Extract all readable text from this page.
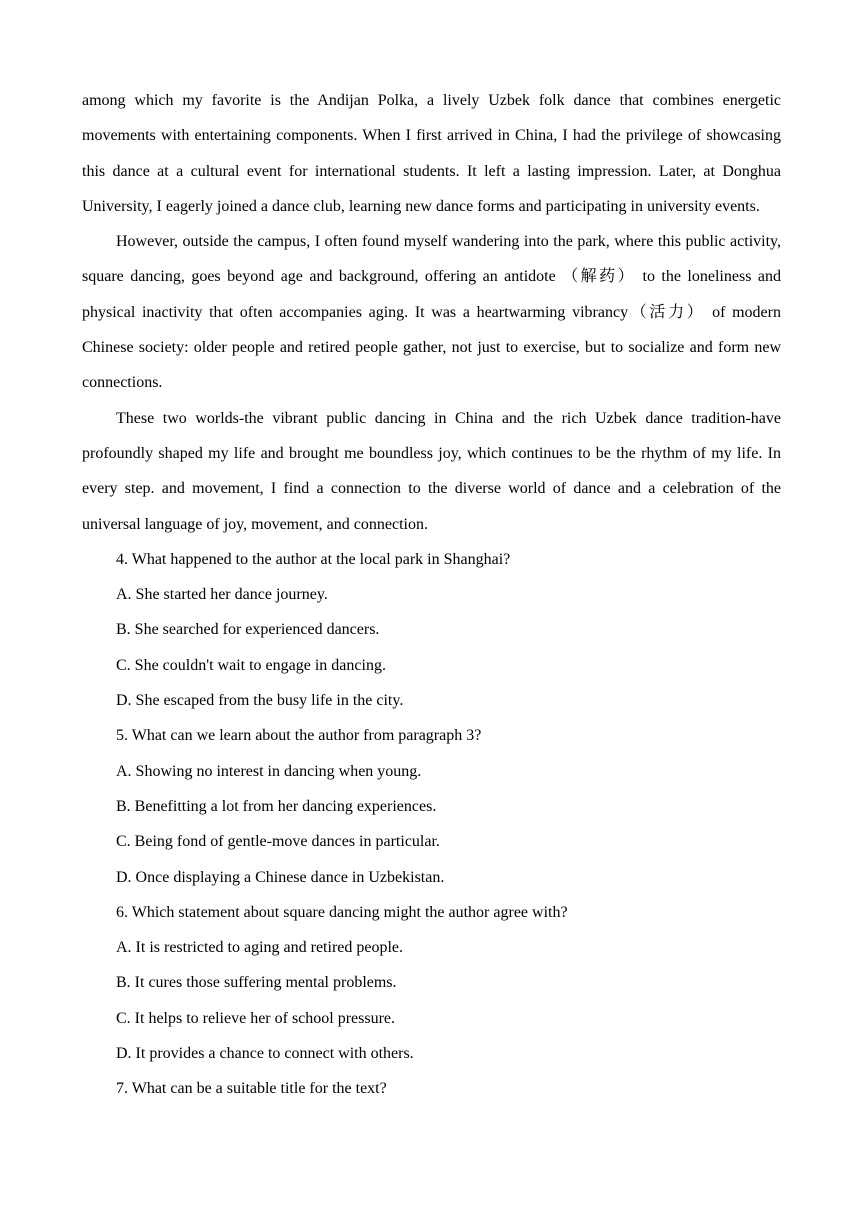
among which my favorite is the Andijan Polka, a lively Uzbek folk dance that combines energetic movements with entertaining components. When I first arrived in China, I had the privilege of showcasing this dance at a cultural event for international students. It left a lasting impression. Later, at Donghua University, I eagerly joined a dance club, learning new dance forms and participating in university events.

However, outside the campus, I often found myself wandering into the park, where this public activity, square dancing, goes beyond age and background, offering an antidote （解药） to the loneliness and physical inactivity that often accompanies aging. It was a heartwarming vibrancy（活力） of modern Chinese society: older people and retired people gather, not just to exercise, but to socialize and form new connections.

These two worlds-the vibrant public dancing in China and the rich Uzbek dance tradition-have profoundly shaped my life and brought me boundless joy, which continues to be the rhythm of my life. In every step. and movement, I find a connection to the diverse world of dance and a celebration of the universal language of joy, movement, and connection.

4. What happened to the author at the local park in Shanghai?

A. She started her dance journey.

B. She searched for experienced dancers.

C. She couldn't wait to engage in dancing.

D. She escaped from the busy life in the city.

5. What can we learn about the author from paragraph 3?

A. Showing no interest in dancing when young.

B. Benefitting a lot from her dancing experiences.

C. Being fond of gentle-move dances in particular.

D. Once displaying a Chinese dance in Uzbekistan.

6. Which statement about square dancing might the author agree with?

A. It is restricted to aging and retired people.

B. It cures those suffering mental problems.

C. It helps to relieve her of school pressure.

D. It provides a chance to connect with others.

7. What can be a suitable title for the text?
